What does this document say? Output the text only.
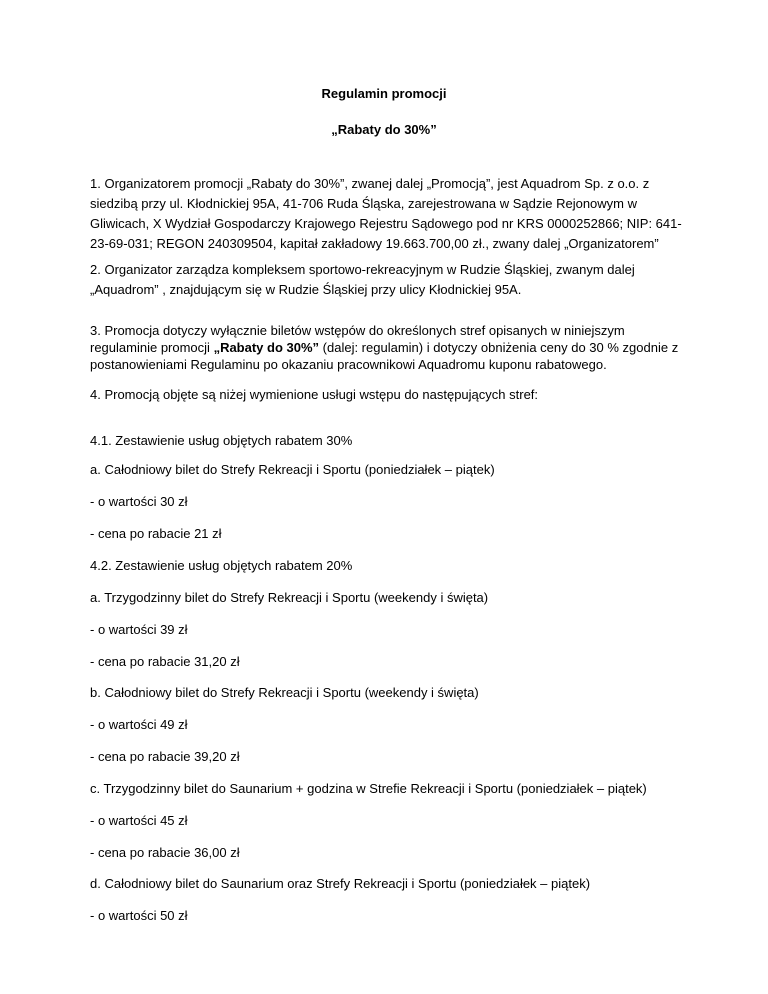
Regulamin promocji
„Rabaty do 30%”
1. Organizatorem promocji „Rabaty do 30%”, zwanej dalej „Promocją”, jest Aquadrom Sp. z o.o. z
siedzibą przy ul. Kłodnickiej 95A, 41-706 Ruda Śląska, zarejestrowana w Sądzie Rejonowym w
Gliwicach, X Wydział Gospodarczy Krajowego Rejestru Sądowego pod nr KRS 0000252866; NIP: 641-
23-69-031; REGON 240309504, kapitał zakładowy 19.663.700,00 zł., zwany dalej „Organizatorem”
2. Organizator zarządza kompleksem sportowo-rekreacyjnym w Rudzie Śląskiej, zwanym dalej
„Aquadrom” , znajdującym się w Rudzie Śląskiej przy ulicy Kłodnickiej 95A.
3. Promocja dotyczy wyłącznie biletów wstępów do określonych stref opisanych w niniejszym
regulaminie promocji „Rabaty do 30%” (dalej: regulamin) i dotyczy obniżenia ceny do 30 % zgodnie z
postanowieniami Regulaminu po okazaniu pracownikowi Aquadromu kuponu rabatowego.
4. Promocją objęte są niżej wymienione usługi wstępu do następujących stref:
4.1. Zestawienie usług objętych rabatem 30%
a. Całodniowy bilet do Strefy Rekreacji i Sportu (poniedziałek – piątek)
- o wartości 30 zł
- cena po rabacie 21 zł
4.2. Zestawienie usług objętych rabatem 20%
a. Trzygodzinny bilet do Strefy Rekreacji i Sportu (weekendy i święta)
- o wartości 39 zł
- cena po rabacie 31,20 zł
b. Całodniowy bilet do Strefy Rekreacji i Sportu (weekendy i święta)
- o wartości 49 zł
- cena po rabacie 39,20 zł
c. Trzygodzinny bilet do Saunarium + godzina w Strefie Rekreacji i Sportu (poniedziałek – piątek)
- o wartości 45 zł
- cena po rabacie 36,00 zł
d. Całodniowy bilet do Saunarium oraz Strefy Rekreacji i Sportu (poniedziałek – piątek)
- o wartości 50 zł
